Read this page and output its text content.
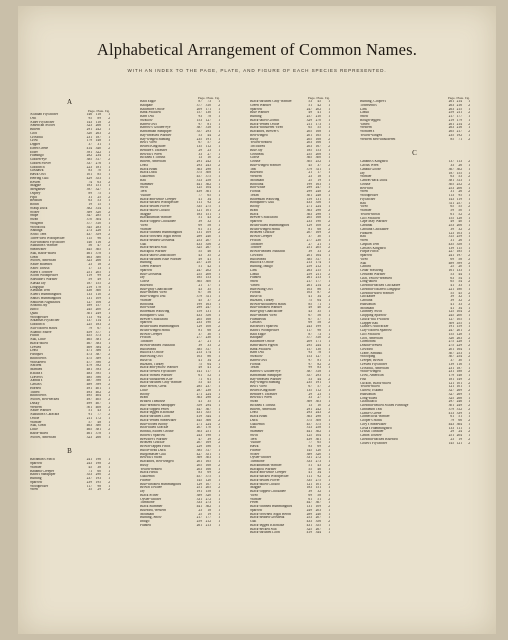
Alphabetical Arrangement of Common Names.
WITH AN INDEX TO THE PAGE, PLATE, AND FIGURE OF EACH SPECIES REPRESENTED.
A
Page. Plate. Fig.
Acadian Flycatcher	146	118	1
Owl	95	89	2
Alder Flycatcher	143	118	2
American Avocet	323	266	1
Bittern	291	242	1
Coot	320	263	2
Crossbill	231	187	1
Crow	179	148	1
Dipper	37	31	1
Eared Grebe	414	340	2
Eider	391	322	1
Flamingo	282	234	1
Golden-eye	385	317	2
Golden Plover	337	276	1
Goldfinch	223	181	1
Goshawk	83	70	1
Hawk Owl	101	85	1
Herring Gull	429	353	1
Kestrel	74	63	2
Magpie	183	151	1
Merganser	397	327	1
Osprey	89	75	1
Pipit	31	25	2
Redstart	63	53	1
Robin	19	15	1
Scaup Duck	382	314	1
Scoter	389	320	2
Snipe	347	285	1
Swan	370	304	1
Widgeon	377	310	1
Woodcock	345	283	1
Anhinga	273	226	1
Arctic Tern	437	359	2
Three-toed Woodpecker	115	96	1
Ash-throated Flycatcher	140	116	2
Audubon's Warbler	56	47	2
Shearwater	445	365	1
Auk, Razor-billed	461	378	1
Great	463	380	1
Avocet, American	323	266	1
Azure Bluebird	23	18	2
Aztec Thrush	17	13	1
Abert's Towhee	251	205	1
Acorn Woodpecker	119	99	2
Adelaide's Warbler	59	49	1
Alaska Jay	187	155	2
Longspur	219	178	1
Aleutian Tern	438	360	1
Allen's Hummingbird	133	110	2
Anna's Hummingbird	131	109	1
Antillean Nighthawk	127	106	2
Arizona Jay	189	157	1
Junco	245	200	2
Quail	301	249	1
Woodpecker	113	94	2
Arkansas Flycatcher	137	114	1
Goldfinch	225	183	2
Ash-colored Hawk	79	67	1
Atlantic Murre	459	377	1
Puffin	455	373	1
Auk, Little	465	381	2
Black-billed	467	383	1
Crested	469	384	2
Least	471	386	1
Paroquet	473	387	2
Rhinoceros	475	389	1
Whiskered	477	390	2
Ancient	479	392	1
Marbled	481	393	2
Kittlitz's	483	395	1
Craveri's	485	396	2
Xantus's	487	398	1
Cassin's	489	399	2
Horned	491	401	1
Tufted	493	402	2
Rhinoceros	495	404	1
Avocet, Red-necked	497	405	2
Dusky	499	407	1
Western	501	408	2
Azure Warbler	51	43	1
Audubon's Caracara	91	77	2
Oriole	211	172	1
Warbler	57	48	1
Auk, Great	463	380	1
Little	465	381	2
Razor-billed	461	378	1
Avocet, American	323	266	1
B
Bachman's Finch	241	196	1
Sparrow	243	198	2
Warbler	45	38	1
Bahama Creeper	71	60	1
Baird's Sandpiper	353	290	2
Bunting	237	193	1
Sparrow	239	195	2
Woodpecker	117	98	1
Wren	35	29	2
Page. Plate. Fig.
Bald Eagle	87	73	1
Baldpate	377	310	2
Baltimore Oriole	209	171	1
Bank Swallow	157	130	1
Barn Owl	93	78	1
Swallow	153	127	1
Barred Owl	97	81	1
Barrow's Golden-eye	387	318	1
Bartramian Sandpiper	357	293	1
Bay-breasted Warbler	53	44	2
Bay-winged Bunting	235	191	1
Bell's Vireo	67	57	2
Belted Kingfisher	135	112	1
Bendire's Thrasher	29	23	1
Bewick's Wren	33	27	1
Bicknell's Thrush	13	10	2
Bittern, American	291	242	1
Least	293	243	2
Black Brant	363	298	1
Black Duck	375	308	1
Guillemot	457	375	1
Rail	313	258	1
Skimmer	441	362	1
Swift	125	104	1
Tern	439	361	1
Vulture	77	65	1
Black-and-white Creeper	41	34	1
Black-backed Woodpecker	111	92	2
Black-bellied Plover	335	275	1
Black-billed Cuckoo	121	101	2
Magpie	183	151	1
Blackburnian Warbler	51	43	2
Black-capped Chickadee	39	32	1
Vireo	69	58	1
Warbler	61	51	2
Black-chinned Hummingbird	131	109	2
Black-crowned Night Heron	289	240	1
Black-headed Grosbeak	253	207	1
Gull	433	356	2
Black-necked Stilt	325	267	1
Blackpoll Warbler	55	46	1
Black-tailed Gnatcatcher	43	35	2
Black-throated Blue Warbler	49	41	1
Bunting	257	210	1
Green Warbler	51	42	1
Sparrow	247	202	1
Blue Grosbeak	255	208	1
Jay	185	153	1
Goose	365	300	1
Bluebird	21	17	1
Blue-gray Gnatcatcher	43	35	1
Blue-headed Vireo	67	56	1
Blue-winged Teal	379	311	1
Warbler	45	37	2
Bobolink	199	163	1
Bob-white	299	247	1
Bohemian Waxwing	159	131	1
Bonaparte's Gull	433	356	1
Brewer's Blackbird	205	168	1
Sparrow	233	190	2
Broad-tailed Hummingbird	129	108	2
Broad-winged Hawk	81	68	2
Brown Creeper	37	30	1
Pelican	277	230	1
Thrasher	27	21	1
Brown-headed Nuthatch	39	33	2
Bufflehead	385	317	1
Bullock's Oriole	213	174	1
Burrowing Owl	103	86	1
Bush-tit	41	34	2
Buzzard, Turkey	75	64	1
Black-and-yellow Warbler	49	41	2
Black-crested Flycatcher	141	117	1
Black-fronted Warbler	61	52	1
Black-shouldered Kite	71	61	1
Black-throated Gray Warbler	53	45	1
Blue Heron, Great	285	237	1
Little	287	238	1
Booby	271	224	1
Brant	363	298	2
Bridled Titmouse	41	35	1
Buff-breasted Sandpiper	359	294	1
Black-capped Petrel	447	367	1
Black-legged Kittiwake	431	355	1
Black-throated Loon	419	344	1
Black-vented Shearwater	445	366	2
Blue-footed Booby	271	224	2
Boat-tailed Grackle	207	170	1
Bonasa, Ruffed Grouse	303	251	1
Botteri's Sparrow	243	198	1
Brewster's Warbler	47	39	2
Bronzed Grackle	207	169	2
Brown-capped Finch	229	186	1
Buffle-head Duck	385	317	1
Burgomaster Gull	427	351	1
Bewick's Swan	369	303	1
Blackbird, Red-winged	201	165	1
Rusty	205	168	2
Yellow-headed	203	166	1
Black Hawk	83	69	2
Guillemot	457	375	1
Phoebe	145	120	1
Blue-throated Hummingbird	129	107	1
Brown Towhee	251	205	2
Jay	191	158	1
Black Scoter	389	320	1
Oyster-catcher	331	272	1
Turnstone	333	273	1
Black Skimmer	441	362	1
Bluebird, Western	23	18	1
Mountain	25	19	1
Bunting, Snow	217	177	1
Indigo	259	212	1
Painted	261	213	1
Page. Plate. Fig.
Black-throated Gray Warbler	53	45	1
Green Warbler	51	42	1
Sparrow	247	202	1
Blue Warbler	49	41	1
Bunting	257	210	1
Black-tailed Godwit	329	270	1
Black-vented Oriole	211	173	1
Black-whiskered Vireo	65	55	1
Blackbird, Brewer's	205	168	1
Red-winged	201	165	1
Rusty	205	168	2
Yellow-headed	203	166	1
Tricolored	203	167	2
Blue Jay	185	153	1
Grosbeak	255	208	1
Goose	365	300	1
Grouse	305	252	1
Blue-winged Warbler	45	37	2
Teal	379	311	1
Bluebird	21	17	1
Western	23	18	1
Mountain	25	19	1
Bobolink	199	163	1
Bob-white	299	247	1
Florida	299	248	2
Texan	301	248	1
Bohemian Waxwing	159	131	1
Bonaparte's Gull	433	356	1
Booby	271	224	1
Brant	363	298	2
Black	363	298	1
Brewer's Blackbird	205	168	1
Sparrow	233	190	2
Broad-tailed Hummingbird	129	108	2
Broad-winged Hawk	81	68	2
Bronzed Grackle	207	169	2
Brown Creeper	37	30	1
Pelican	277	230	1
Thrasher	27	21	1
Towhee	251	205	2
Brown-headed Nuthatch	39	33	2
Cowbird	201	164	1
Bufflehead	385	317	1
Bullock's Oriole	213	174	1
Bunting, Indigo	259	212	1
Lark	263	215	1
Lazuli	259	211	2
Painted	261	213	1
Snow	217	177	1
Varied	261	214	2
Burrowing Owl	103	86	1
Florida	103	87	2
Bush-tit	41	34	2
Buzzard, Turkey	75	64	1
Brown-shouldered Hawk	85	71	1
Blue-throated Warbler	49	40	2
Blue-gray Gnatcatcher	43	35	1
Blue-headed Vireo	67	56	1
Plumbeous	67	57	1
Cassin's	69	58	2
Bachelor's Sparrow	243	199	1
Baird's Woodpecker	117	98	1
Bald Eagle	87	73	1
Baldpate	377	310	2
Baltimore Oriole	209	171	1
Band-tailed Pigeon	295	244	1
Bank Swallow	157	130	1
Barn Owl	93	78	1
Swallow	153	127	1
Barred Owl	97	81	1
Florida	97	82	2
Texan	99	83	1
Barrow's Golden-eye	387	318	1
Bartramian Sandpiper	357	293	1
Bay-breasted Warbler	53	44	2
Bay-winged Bunting	235	191	1
Bell's Vireo	67	57	2
Belted Kingfisher	135	112	1
Bendire's Thrasher	29	23	1
Bewick's Wren	33	27	1
Swan	369	303	1
Bicknell's Thrush	13	10	2
Bittern, American	291	242	1
Least	293	243	2
Black Brant	363	298	1
Duck	375	308	1
Guillemot	457	375	1
Rail	313	258	1
Skimmer	441	362	1
Swift	125	104	1
Tern	439	361	1
Vulture	77	65	1
Hawk	83	69	2
Phoebe	145	120	1
Scoter	389	320	1
Oyster-catcher	331	272	1
Turnstone	333	273	1
Blackburnian Warbler	51	43	2
Blackpoll Warbler	55	46	1
Black-and-white Creeper	41	34	1
Black-backed Woodpecker	111	92	2
Black-bellied Plover	335	275	1
Black-billed Cuckoo	121	101	2
Magpie	183	151	1
Black-capped Chickadee	39	32	1
Vireo	69	58	1
Warbler	61	51	2
Petrel	447	367	1
Black-chinned Hummingbird	131	109	2
Sparrow	249	203	1
Black-crowned Night Heron	289	240	1
Black-headed Grosbeak	253	207	1
Gull	433	356	2
Black-legged Kittiwake	431	355	1
Black-necked Stilt	325	267	1
Black-throated Loon	419	344	1
Page. Plate. Fig.
Bunting, Cooper's	261 214	1
Townsend's	263 216	2
Lark	263 215	1
Lazuli	259 211	2
Snow	217 177	1
Rough-legged	219 179	1
Varied	261 214	2
Western	263 216	1
Worthen's	265 217	2
Yellow-winged	235 192	1
Western Red-shouldered	85	71	2
C
Cabanis's Kingbird	137 113	2
Cactus Wren	33	26	1
Canada Goose	367 302	1
Jay	187 155	1
Warbler	63	53	2
Canvas-back Duck	381 313	1
Grouse	305 252	2
Red-bird	253 206	1
Wren	31	26	2
Woodpecker	113	95	1
Flycatcher	143 119	1
Rail	311 257	1
Vireo	65	55	2
Warbler	59	50	1
Yellow-throat	61	52	2
Cliff Swallow	155 128	1
Cape May Warbler	49	40	1
Cardinal	253 206	1
Carolina Chickadee	39	32	2
Parakeet	123 103	1
Rail	315 259	1
Wren	31	26	1
Caspian Tern	435 358	1
Cassin's Kingbird	139 115	1
Purple Finch	227 185	1
Sparrow	241 197	2
Vireo	69	58	2
Auk	489 399	2
Catbird	25	20	1
Cedar Waxwing	161 133	1
Cerulean Warbler	53	44	1
Chat, Yellow-breasted	63	54	1
Long-tailed	65	54	2
Chestnut-backed Chickadee	41	33	1
Chestnut-collared Longspur	221 180	1
Chestnut-sided Warbler	55	45	2
Chickadee	39	32	1
Carolina	39	32	2
Hudsonian	41	33	2
Mountain	41	34	1
Chimney Swift	125 104	2
Chipping Sparrow	245 200	1
Chuck-will's-widow	127 105	1
Clapper Rail	309 255	1
Clarke's Nutcracker	191 159	1
Clay-colored Sparrow	247 201	2
Cliff Swallow	155 128	1
Coot, American	320 263	2
Cormorant	275 228	1
Double-crested	275 229	2
Cowbird	201 164	1
Crane, Sandhill	307 253	1
Whooping	307 254	2
Creeper, Brown	37	30	1
Crested Flycatcher	139 116	1
Crossbill, American	231 187	1
White-winged	231 188	2
Crow, American	179 148	1
Fish	181 149	2
Cuckoo, Black-billed	121 101	2
Yellow-billed	121 101	1
Curlew, Eskimo	327 269	2
Hudsonian	327 269	1
Long-billed	325 268	1
Chachalaca	297 246	1
Chestnut-bellied Scaled Partridge	301 249	2
Cinnamon Teal	379 312	2
Clarke's Grebe	413 339	1
Connecticut Warbler	61	51	1
Cooper's Hawk	79	66	2
Cory's Shearwater	443 364	1
Costa's Hummingbird	133 111	1
Crissal Thrasher	29	24	2
Canon Towhee	251 204	1
Chestnut-backed Bluebird	23	19	2
Coues's Flycatcher	145 121	2
